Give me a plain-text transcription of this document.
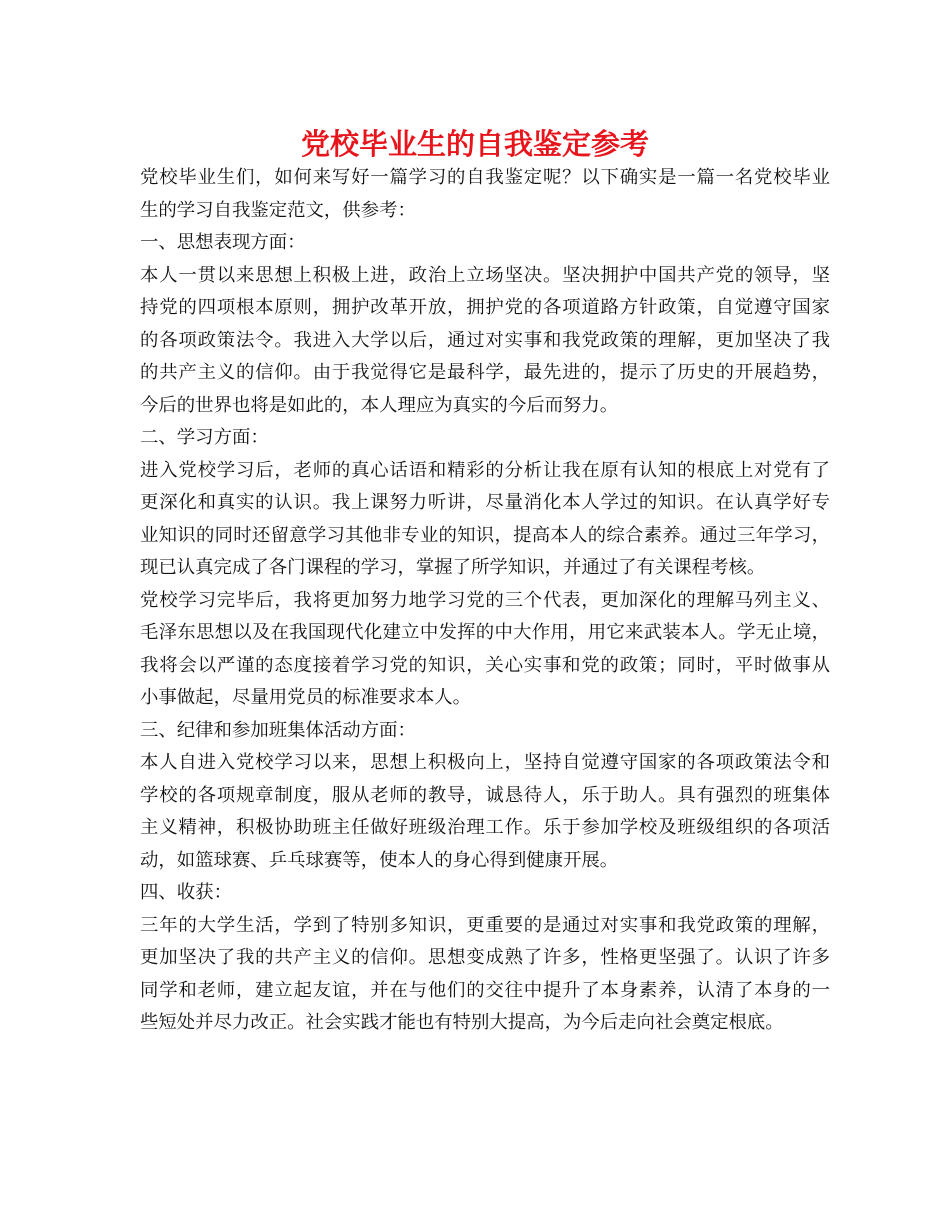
党校毕业生的自我鉴定参考
党校毕业生们，如何来写好一篇学习的自我鉴定呢？以下确实是一篇一名党校毕业
生的学习自我鉴定范文，供参考：
一、思想表现方面：
本人一贯以来思想上积极上进，政治上立场坚决。坚决拥护中国共产党的领导，坚
持党的四项根本原则，拥护改革开放，拥护党的各项道路方针政策，自觉遵守国家
的各项政策法令。我进入大学以后，通过对实事和我党政策的理解，更加坚决了我
的共产主义的信仰。由于我觉得它是最科学，最先进的，提示了历史的开展趋势，
今后的世界也将是如此的，本人理应为真实的今后而努力。
二、学习方面：
进入党校学习后，老师的真心话语和精彩的分析让我在原有认知的根底上对党有了
更深化和真实的认识。我上课努力听讲，尽量消化本人学过的知识。在认真学好专
业知识的同时还留意学习其他非专业的知识，提高本人的综合素养。通过三年学习，
现已认真完成了各门课程的学习，掌握了所学知识，并通过了有关课程考核。
党校学习完毕后，我将更加努力地学习党的三个代表，更加深化的理解马列主义、
毛泽东思想以及在我国现代化建立中发挥的中大作用，用它来武装本人。学无止境，
我将会以严谨的态度接着学习党的知识，关心实事和党的政策；同时，平时做事从
小事做起，尽量用党员的标准要求本人。
三、纪律和参加班集体活动方面：
本人自进入党校学习以来，思想上积极向上，坚持自觉遵守国家的各项政策法令和
学校的各项规章制度，服从老师的教导，诚恳待人，乐于助人。具有强烈的班集体
主义精神，积极协助班主任做好班级治理工作。乐于参加学校及班级组织的各项活
动，如篮球赛、乒乓球赛等，使本人的身心得到健康开展。
四、收获：
三年的大学生活，学到了特别多知识，更重要的是通过对实事和我党政策的理解，
更加坚决了我的共产主义的信仰。思想变成熟了许多，性格更坚强了。认识了许多
同学和老师，建立起友谊，并在与他们的交往中提升了本身素养，认清了本身的一
些短处并尽力改正。社会实践才能也有特别大提高，为今后走向社会奠定根底。
